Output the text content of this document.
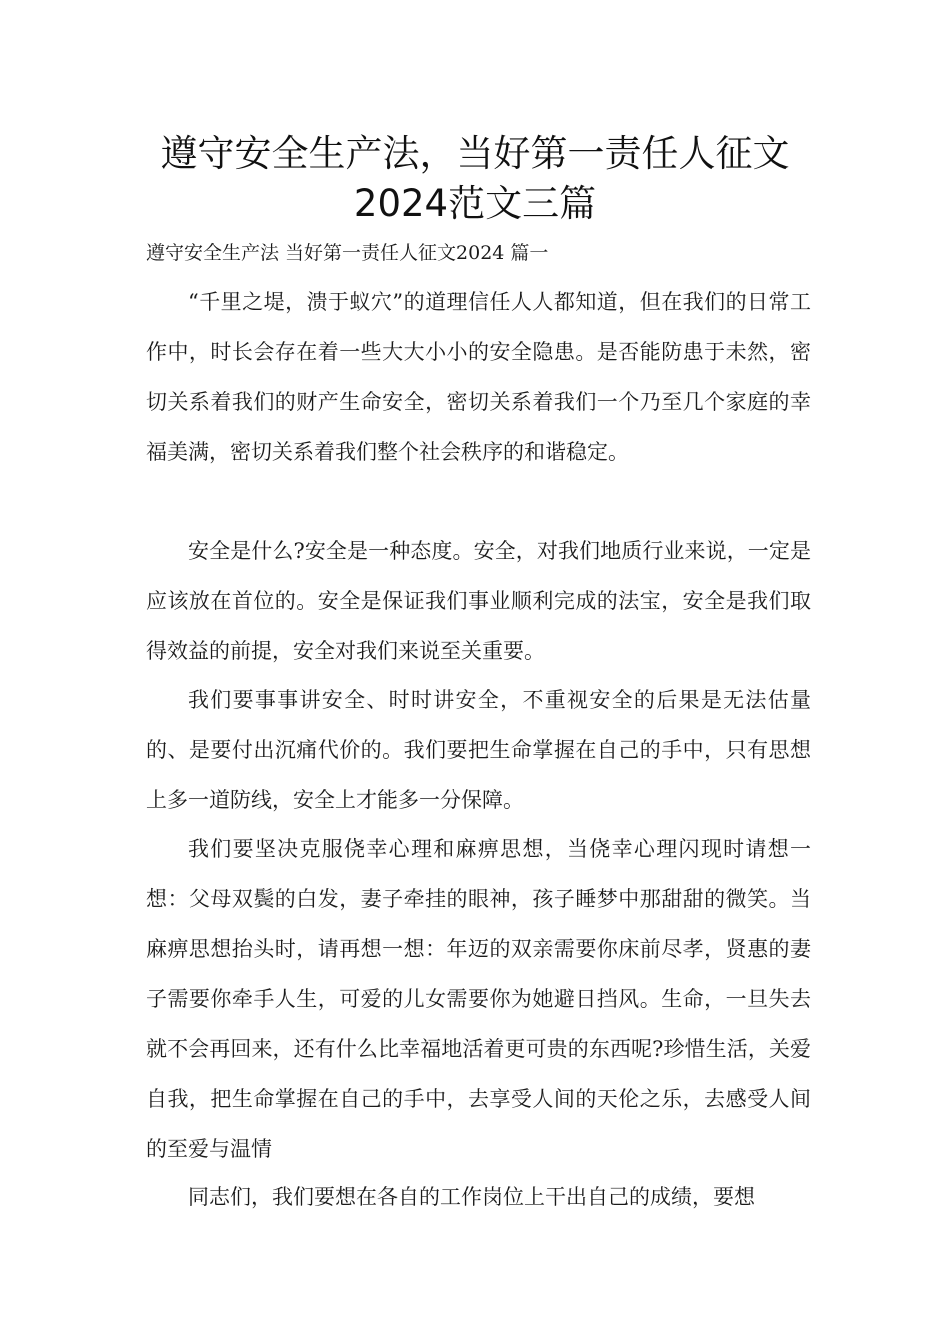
遵守安全生产法，当好第一责任人征文
2024范文三篇
遵守安全生产法 当好第一责任人征文2024 篇一

“千里之堤，溃于蚁穴”的道理信任人人都知道，但在我们的日常工作中，时长会存在着一些大大小小的安全隐患。是否能防患于未然，密切关系着我们的财产生命安全，密切关系着我们一个乃至几个家庭的幸福美满，密切关系着我们整个社会秩序的和谐稳定。

安全是什么?安全是一种态度。安全，对我们地质行业来说，一定是应该放在首位的。安全是保证我们事业顺利完成的法宝，安全是我们取得效益的前提，安全对我们来说至关重要。

我们要事事讲安全、时时讲安全，不重视安全的后果是无法估量的、是要付出沉痛代价的。我们要把生命掌握在自己的手中，只有思想上多一道防线，安全上才能多一分保障。

我们要坚决克服侥幸心理和麻痹思想，当侥幸心理闪现时请想一想：父母双鬓的白发，妻子牵挂的眼神，孩子睡梦中那甜甜的微笑。当麻痹思想抬头时，请再想一想：年迈的双亲需要你床前尽孝，贤惠的妻子需要你牵手人生，可爱的儿女需要你为她避日挡风。生命，一旦失去就不会再回来，还有什么比幸福地活着更可贵的东西呢?珍惜生活，关爱自我，把生命掌握在自己的手中，去享受人间的天伦之乐，去感受人间的至爱与温情

同志们，我们要想在各自的工作岗位上干出自己的成绩，要想
